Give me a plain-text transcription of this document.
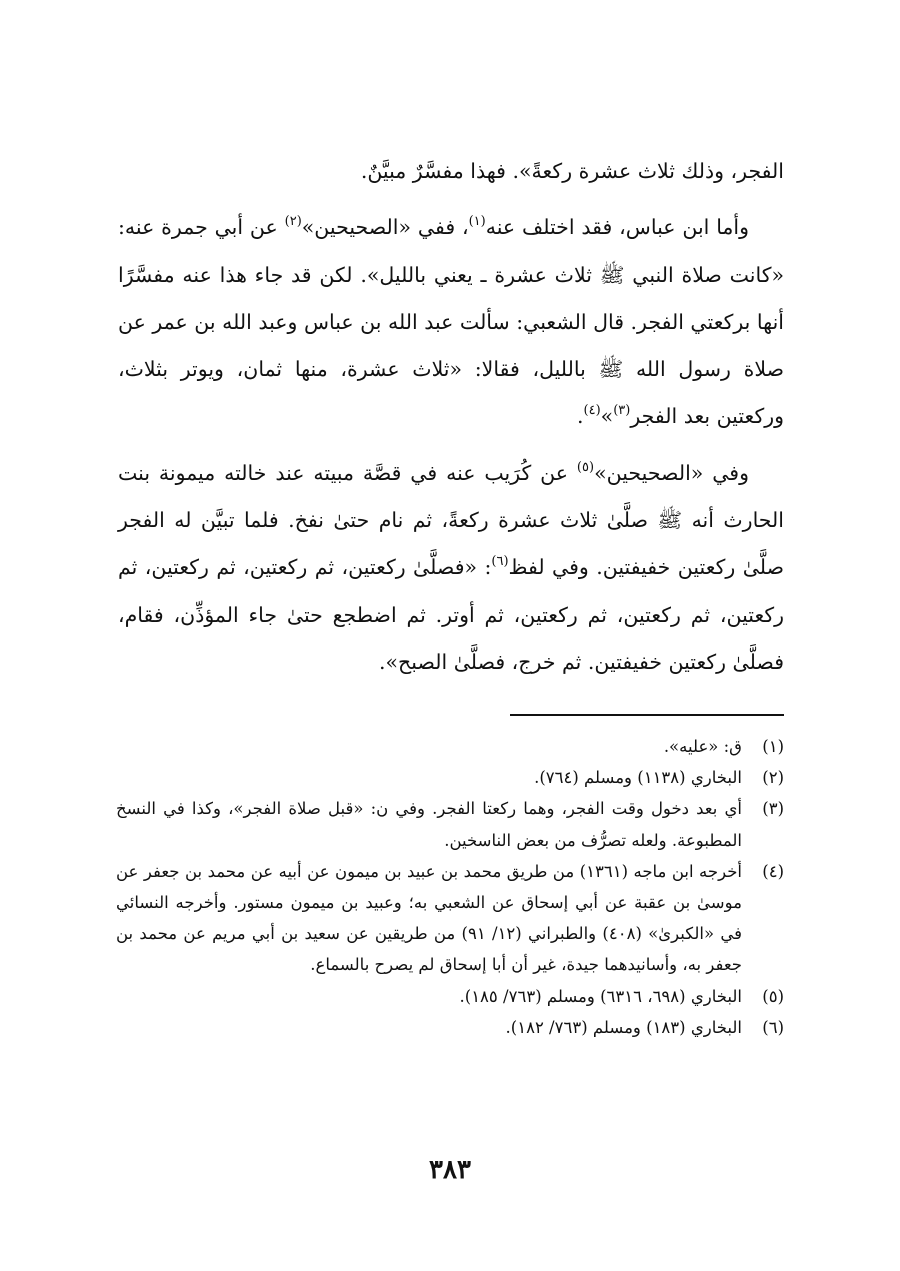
الفجر، وذلك ثلاث عشرة ركعةً». فهذا مفسَّرٌ مبيَّنٌ.

وأما ابن عباس، فقد اختلف عنه$^{(١)}$، ففي «الصحيحين»$^{(٢)}$ عن أبي جمرة عنه: «كانت صلاة النبي ﷺ ثلاث عشرة ـ يعني بالليل». لكن قد جاء هذا عنه مفسَّرًا أنها بركعتي الفجر. قال الشعبي: سألت عبد الله بن عباس وعبد الله بن عمر عن صلاة رسول الله ﷺ بالليل، فقالا: «ثلاث عشرة، منها ثمان، ويوتر بثلاث، وركعتين بعد الفجر$^{(٣)}$»$^{(٤)}$.

وفي «الصحيحين»$^{(٥)}$ عن كُرَيب عنه في قصَّة مبيته عند خالته ميمونة بنت الحارث أنه ﷺ صلَّىٰ ثلاث عشرة ركعةً، ثم نام حتىٰ نفخ. فلما تبيَّن له الفجر صلَّىٰ ركعتين خفيفتين. وفي لفظ$^{(٦)}$: «فصلَّىٰ ركعتين، ثم ركعتين، ثم ركعتين، ثم ركعتين، ثم ركعتين، ثم ركعتين، ثم أوتر. ثم اضطجع حتىٰ جاء المؤذِّن، فقام، فصلَّىٰ ركعتين خفيفتين. ثم خرج، فصلَّىٰ الصبح».

(١)
ق: «عليه».
(٢)
البخاري (١١٣٨) ومسلم (٧٦٤).
(٣)
أي بعد دخول وقت الفجر، وهما ركعتا الفجر. وفي ن: «قبل صلاة الفجر»، وكذا في النسخ المطبوعة. ولعله تصرُّف من بعض الناسخين.
(٤)
أخرجه ابن ماجه (١٣٦١) من طريق محمد بن عبيد بن ميمون عن أبيه عن محمد بن جعفر عن موسىٰ بن عقبة عن أبي إسحاق عن الشعبي به؛ وعبيد بن ميمون مستور. وأخرجه النسائي في «الكبرىٰ» (٤٠٨) والطبراني (١٢/ ٩١) من طريقين عن سعيد بن أبي مريم عن محمد بن جعفر به، وأسانيدهما جيدة، غير أن أبا إسحاق لم يصرح بالسماع.
(٥)
البخاري (٦٩٨، ٦٣١٦) ومسلم (٧٦٣/ ١٨٥).
(٦)
البخاري (١٨٣) ومسلم (٧٦٣/ ١٨٢).
٣٨٣
